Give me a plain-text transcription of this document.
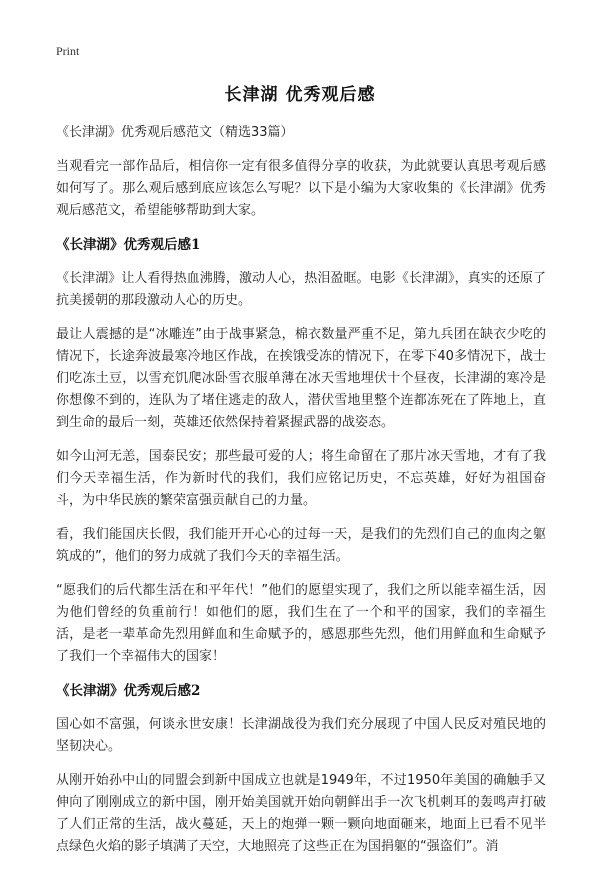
Print
长津湖 优秀观后感

《长津湖》优秀观后感范文（精选33篇）

当观看完一部作品后，相信你一定有很多值得分享的收获，为此就要认真思考观后感如何写了。那么观后感到底应该怎么写呢？以下是小编为大家收集的《长津湖》优秀观后感范文，希望能够帮助到大家。

《长津湖》优秀观后感1

《长津湖》让人看得热血沸腾，激动人心，热泪盈眶。电影《长津湖》，真实的还原了抗美援朝的那段激动人心的历史。

最让人震撼的是“冰雕连”由于战事紧急，棉衣数量严重不足，第九兵团在缺衣少吃的情况下，长途奔波最寒冷地区作战，在挨饿受冻的情况下，在零下40多情况下，战士们吃冻土豆，以雪充饥爬冰卧雪衣服单薄在冰天雪地埋伏十个昼夜，长津湖的寒冷是你想像不到的，连队为了堵住逃走的敌人，潜伏雪地里整个连都冻死在了阵地上，直到生命的最后一刻，英雄还依然保持着紧握武器的战姿态。

如今山河无恙，国泰民安；那些最可爱的人；将生命留在了那片冰天雪地，才有了我们今天幸福生活，作为新时代的我们，我们应铭记历史，不忘英雄，好好为祖国奋斗，为中华民族的繁荣富强贡献自己的力量。

看，我们能国庆长假，我们能开开心心的过每一天，是我们的先烈们自己的血肉之躯筑成的”，他们的努力成就了我们今天的幸福生活。

“愿我们的后代都生活在和平年代！”他们的愿望实现了，我们之所以能幸福生活，因为他们曾经的负重前行！如他们的愿，我们生在了一个和平的国家，我们的幸福生活，是老一辈革命先烈用鲜血和生命赋予的，感恩那些先烈，他们用鲜血和生命赋予了我们一个幸福伟大的国家！

《长津湖》优秀观后感2

国心如不富强，何谈永世安康！长津湖战役为我们充分展现了中国人民反对殖民地的坚韧决心。

从刚开始孙中山的同盟会到新中国成立也就是1949年，不过1950年美国的确触手又伸向了刚刚成立的新中国，刚开始美国就开始向朝鲜出手一次飞机刺耳的轰鸣声打破了人们正常的生活，战火蔓延，天上的炮弹一颗一颗向地面砸来，地面上已看不见半点绿色火焰的影子填满了天空，大地照亮了这些正在为国捐躯的“强盗们”。消
